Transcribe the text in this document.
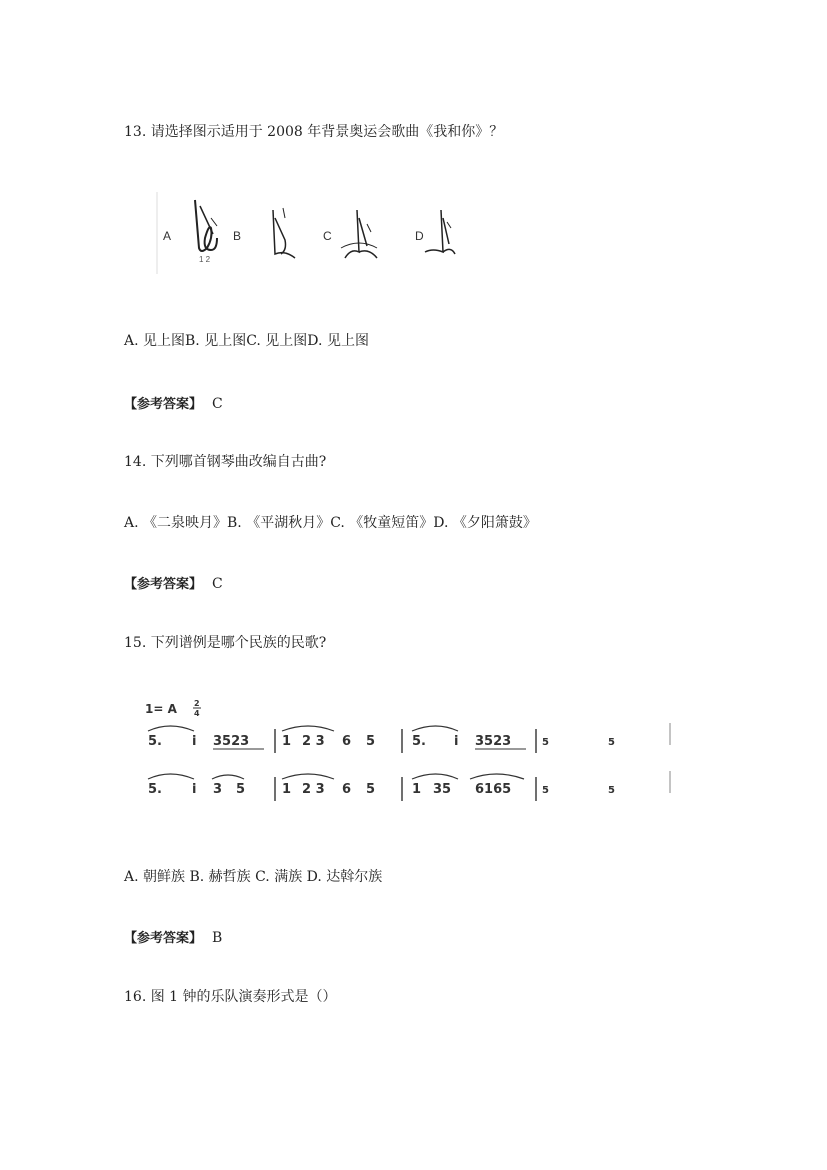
13. 请选择图示适用于 2008 年背景奥运会歌曲《我和你》？
A
1 2
B	C	D
A. 见上图B. 见上图C. 见上图D. 见上图
【参考答案】 C
14. 下列哪首钢琴曲改编自古曲?
A. 《二泉映月》B. 《平湖秋月》C. 《牧童短笛》D. 《夕阳箫鼓》
【参考答案】 C
15. 下列谱例是哪个民族的民歌?
1= A 2
4
5. i 3523	1 2 3 6 5	5. i 3523	5	5
5. i 3 5	1 2 3 6 5	1 35 6165	5	5
A. 朝鲜族 B. 赫哲族 C. 满族 D. 达斡尔族
【参考答案】 B
16. 图 1 钟的乐队演奏形式是（）
